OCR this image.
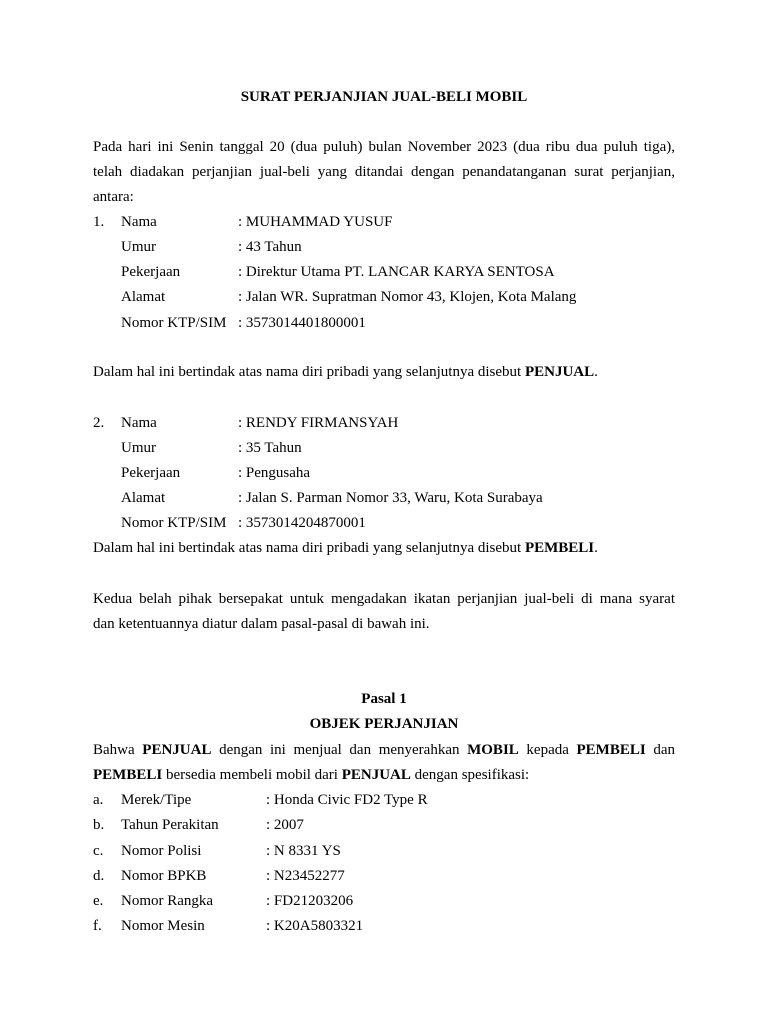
SURAT PERJANJIAN JUAL-BELI MOBIL
Pada hari ini Senin tanggal 20 (dua puluh) bulan November 2023 (dua ribu dua puluh tiga),
telah diadakan perjanjian jual-beli yang ditandai dengan penandatanganan surat perjanjian,
antara:
1. Nama	: MUHAMMAD YUSUF
Umur	: 43 Tahun
Pekerjaan	: Direktur Utama PT. LANCAR KARYA SENTOSA
Alamat	: Jalan WR. Supratman Nomor 43, Klojen, Kota Malang
Nomor KTP/SIM : 3573014401800001
Dalam hal ini bertindak atas nama diri pribadi yang selanjutnya disebut PENJUAL.
2. Nama	: RENDY FIRMANSYAH
Umur	: 35 Tahun
Pekerjaan	: Pengusaha
Alamat	: Jalan S. Parman Nomor 33, Waru, Kota Surabaya
Nomor KTP/SIM : 3573014204870001
Dalam hal ini bertindak atas nama diri pribadi yang selanjutnya disebut PEMBELI.
Kedua belah pihak bersepakat untuk mengadakan ikatan perjanjian jual-beli di mana syarat
dan ketentuannya diatur dalam pasal-pasal di bawah ini.
Pasal 1
OBJEK PERJANJIAN
Bahwa PENJUAL dengan ini menjual dan menyerahkan MOBIL kepada PEMBELI dan
PEMBELI bersedia membeli mobil dari PENJUAL dengan spesifikasi:
a. Merek/Tipe	: Honda Civic FD2 Type R
b. Tahun Perakitan	: 2007
c. Nomor Polisi	: N 8331 YS
d. Nomor BPKB	: N23452277
e. Nomor Rangka	: FD21203206
f. Nomor Mesin	: K20A5803321
